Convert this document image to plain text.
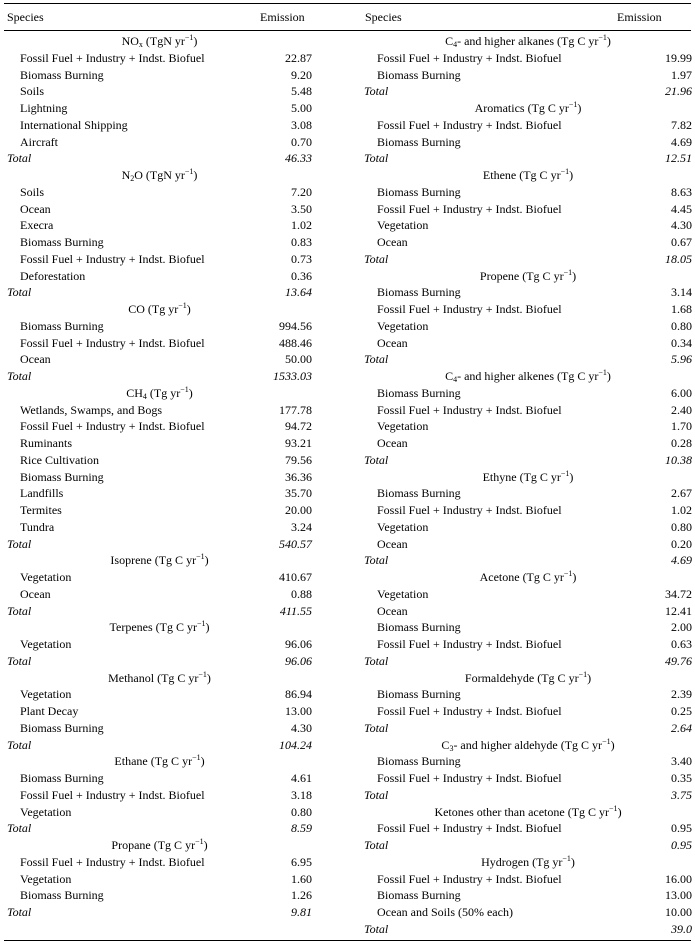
Species	Emission	Species	Emission
$NO_x$ (TgN $yr^{-1}$)
Fossil Fuel + Industry + Indst. Biofuel	22.87
Biomass Burning	9.20
Soils	5.48
Lightning	5.00
International Shipping	3.08
Aircraft	0.70
Total	46.33
$N_2O$ (TgN $yr^{-1}$)
Soils	7.20
Ocean	3.50
Execra	1.02
Biomass Burning	0.83
Fossil Fuel + Industry + Indst. Biofuel	0.73
Deforestation	0.36
Total	13.64
CO (Tg $yr^{-1}$)
Biomass Burning	994.56
Fossil Fuel + Industry + Indst. Biofuel	488.46
Ocean	50.00
Total	1533.03
$CH_4$ (Tg $yr^{-1}$)
Wetlands, Swamps, and Bogs	177.78
Fossil Fuel + Industry + Indst. Biofuel	94.72
Ruminants	93.21
Rice Cultivation	79.56
Biomass Burning	36.36
Landfills	35.70
Termites	20.00
Tundra	3.24
Total	540.57
Isoprene (Tg C $yr^{-1}$)
Vegetation	410.67
Ocean	0.88
Total	411.55
Terpenes (Tg C $yr^{-1}$)
Vegetation	96.06
Total	96.06
Methanol (Tg C $yr^{-1}$)
Vegetation	86.94
Plant Decay	13.00
Biomass Burning	4.30
Total	104.24
Ethane (Tg C $yr^{-1}$)
Biomass Burning	4.61
Fossil Fuel + Industry + Indst. Biofuel	3.18
Vegetation	0.80
Total	8.59
Propane (Tg C $yr^{-1}$)
Fossil Fuel + Industry + Indst. Biofuel	6.95
Vegetation	1.60
Biomass Burning	1.26
Total	9.81
$C_4-$ and higher alkanes (Tg C $yr^{-1}$)
Fossil Fuel + Industry + Indst. Biofuel	19.99
Biomass Burning	1.97
Total	21.96
Aromatics (Tg C $yr^{-1}$)
Fossil Fuel + Industry + Indst. Biofuel	7.82
Biomass Burning	4.69
Total	12.51
Ethene (Tg C $yr^{-1}$)
Biomass Burning	8.63
Fossil Fuel + Industry + Indst. Biofuel	4.45
Vegetation	4.30
Ocean	0.67
Total	18.05
Propene (Tg C $yr^{-1}$)
Biomass Burning	3.14
Fossil Fuel + Industry + Indst. Biofuel	1.68
Vegetation	0.80
Ocean	0.34
Total	5.96
$C_4-$ and higher alkenes (Tg C $yr^{-1}$)
Biomass Burning	6.00
Fossil Fuel + Industry + Indst. Biofuel	2.40
Vegetation	1.70
Ocean	0.28
Total	10.38
Ethyne (Tg C $yr^{-1}$)
Biomass Burning	2.67
Fossil Fuel + Industry + Indst. Biofuel	1.02
Vegetation	0.80
Ocean	0.20
Total	4.69
Acetone (Tg C $yr^{-1}$)
Vegetation	34.72
Ocean	12.41
Biomass Burning	2.00
Fossil Fuel + Industry + Indst. Biofuel	0.63
Total	49.76
Formaldehyde (Tg C $yr^{-1}$)
Biomass Burning	2.39
Fossil Fuel + Industry + Indst. Biofuel	0.25
Total	2.64
$C_3-$ and higher aldehyde (Tg C $yr^{-1}$)
Biomass Burning	3.40
Fossil Fuel + Industry + Indst. Biofuel	0.35
Total	3.75
Ketones other than acetone (Tg C $yr^{-1}$)
Fossil Fuel + Industry + Indst. Biofuel	0.95
Total	0.95
Hydrogen (Tg $yr^{-1}$)
Fossil Fuel + Industry + Indst. Biofuel	16.00
Biomass Burning	13.00
Ocean and Soils (50% each)	10.00
Total	39.0
